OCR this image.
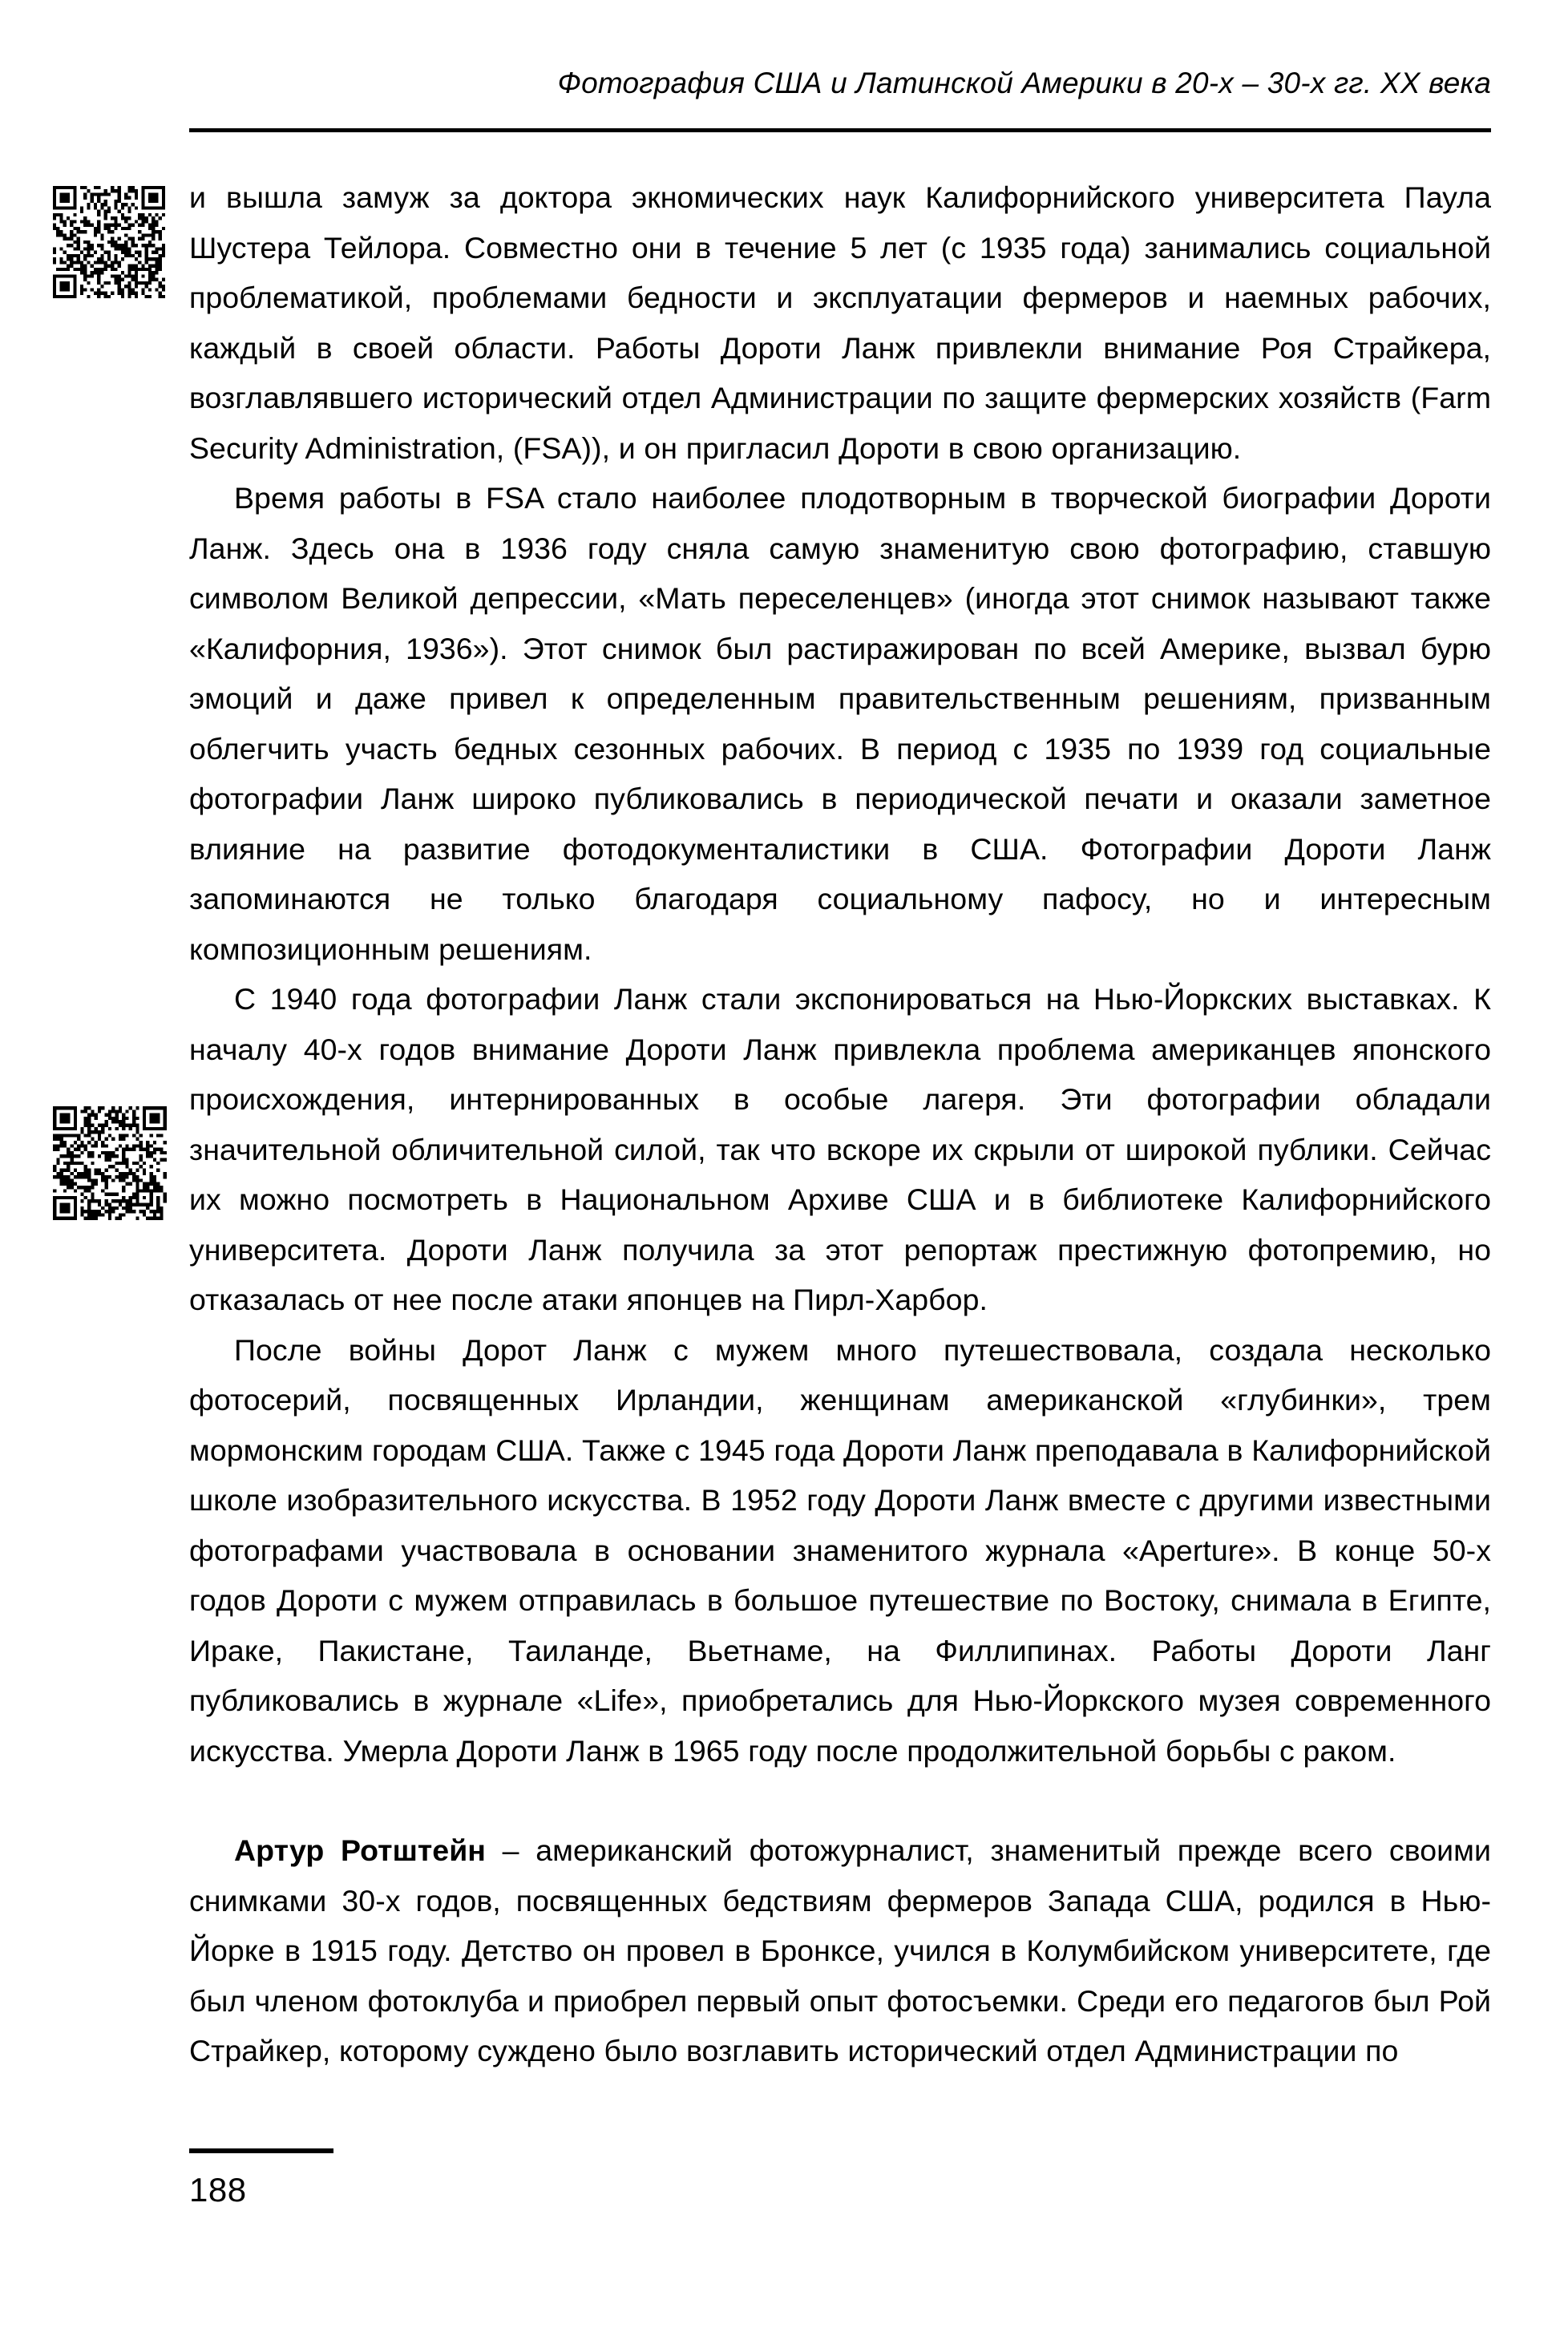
Фотография США и Латинской Америки в 20-х – 30-х гг. XX века

и вышла замуж за доктора экномических наук Калифорнийского университета Паула Шустера Тейлора. Совместно они в течение 5 лет (с 1935 года) занимались социальной проблематикой, проблемами бедности и эксплуатации фермеров и наемных рабочих, каждый в своей области. Работы Дороти Ланж привлекли внимание Роя Страйкера, возглавлявшего исторический отдел Администрации по защите фермерских хозяйств (Farm Security Administration, (FSA)), и он пригласил Дороти в свою организацию.

Время работы в FSA стало наиболее плодотворным в творческой биографии Дороти Ланж. Здесь она в 1936 году сняла самую знаменитую свою фотографию, ставшую символом Великой депрессии, «Мать переселенцев» (иногда этот снимок называют также «Калифорния, 1936»). Этот снимок был растиражирован по всей Америке, вызвал бурю эмоций и даже привел к определенным правительственным решениям, призванным облегчить участь бедных сезонных рабочих. В период с 1935 по 1939 год социальные фотографии Ланж широко публиковались в периодической печати и оказали заметное влияние на развитие фотодокументалистики в США. Фотографии Дороти Ланж запоминаются не только благодаря социальному пафосу, но и интересным композиционным решениям.

С 1940 года фотографии Ланж стали экспонироваться на Нью-Йоркских выставках. К началу 40-х годов внимание Дороти Ланж привлекла проблема американцев японского происхождения, интернированных в особые лагеря. Эти фотографии обладали значительной обличительной силой, так что вскоре их скрыли от широкой публики. Сейчас их можно посмотреть в Национальном Архиве США и в библиотеке Калифорнийского университета. Дороти Ланж получила за этот репортаж престижную фотопремию, но отказалась от нее после атаки японцев на Пирл-Харбор.

После войны Дорот Ланж с мужем много путешествовала, создала несколько фотосерий, посвященных Ирландии, женщинам американской «глубинки», трем мормонским городам США. Также с 1945 года Дороти Ланж преподавала в Калифорнийской школе изобразительного искусства. В 1952 году Дороти Ланж вместе с другими известными фотографами участвовала в основании знаменитого журнала «Aperture». В конце 50-х годов Дороти с мужем отправилась в большое путешествие по Востоку, снимала в Египте, Ираке, Пакистане, Таиланде, Вьетнаме, на Филлипинах. Работы Дороти Ланг публиковались в журнале «Life», приобретались для Нью-Йоркского музея современного искусства. Умерла Дороти Ланж в 1965 году после продолжительной борьбы с раком.

Артур Ротштейн – американский фотожурналист, знаменитый прежде всего своими снимками 30-х годов, посвященных бедствиям фермеров Запада США, родился в Нью-Йорке в 1915 году. Детство он провел в Бронксе, учился в Колумбийском университете, где был членом фотоклуба и приобрел первый опыт фотосъемки. Среди его педагогов был Рой Страйкер, которому суждено было возглавить исторический отдел Администрации по

188
